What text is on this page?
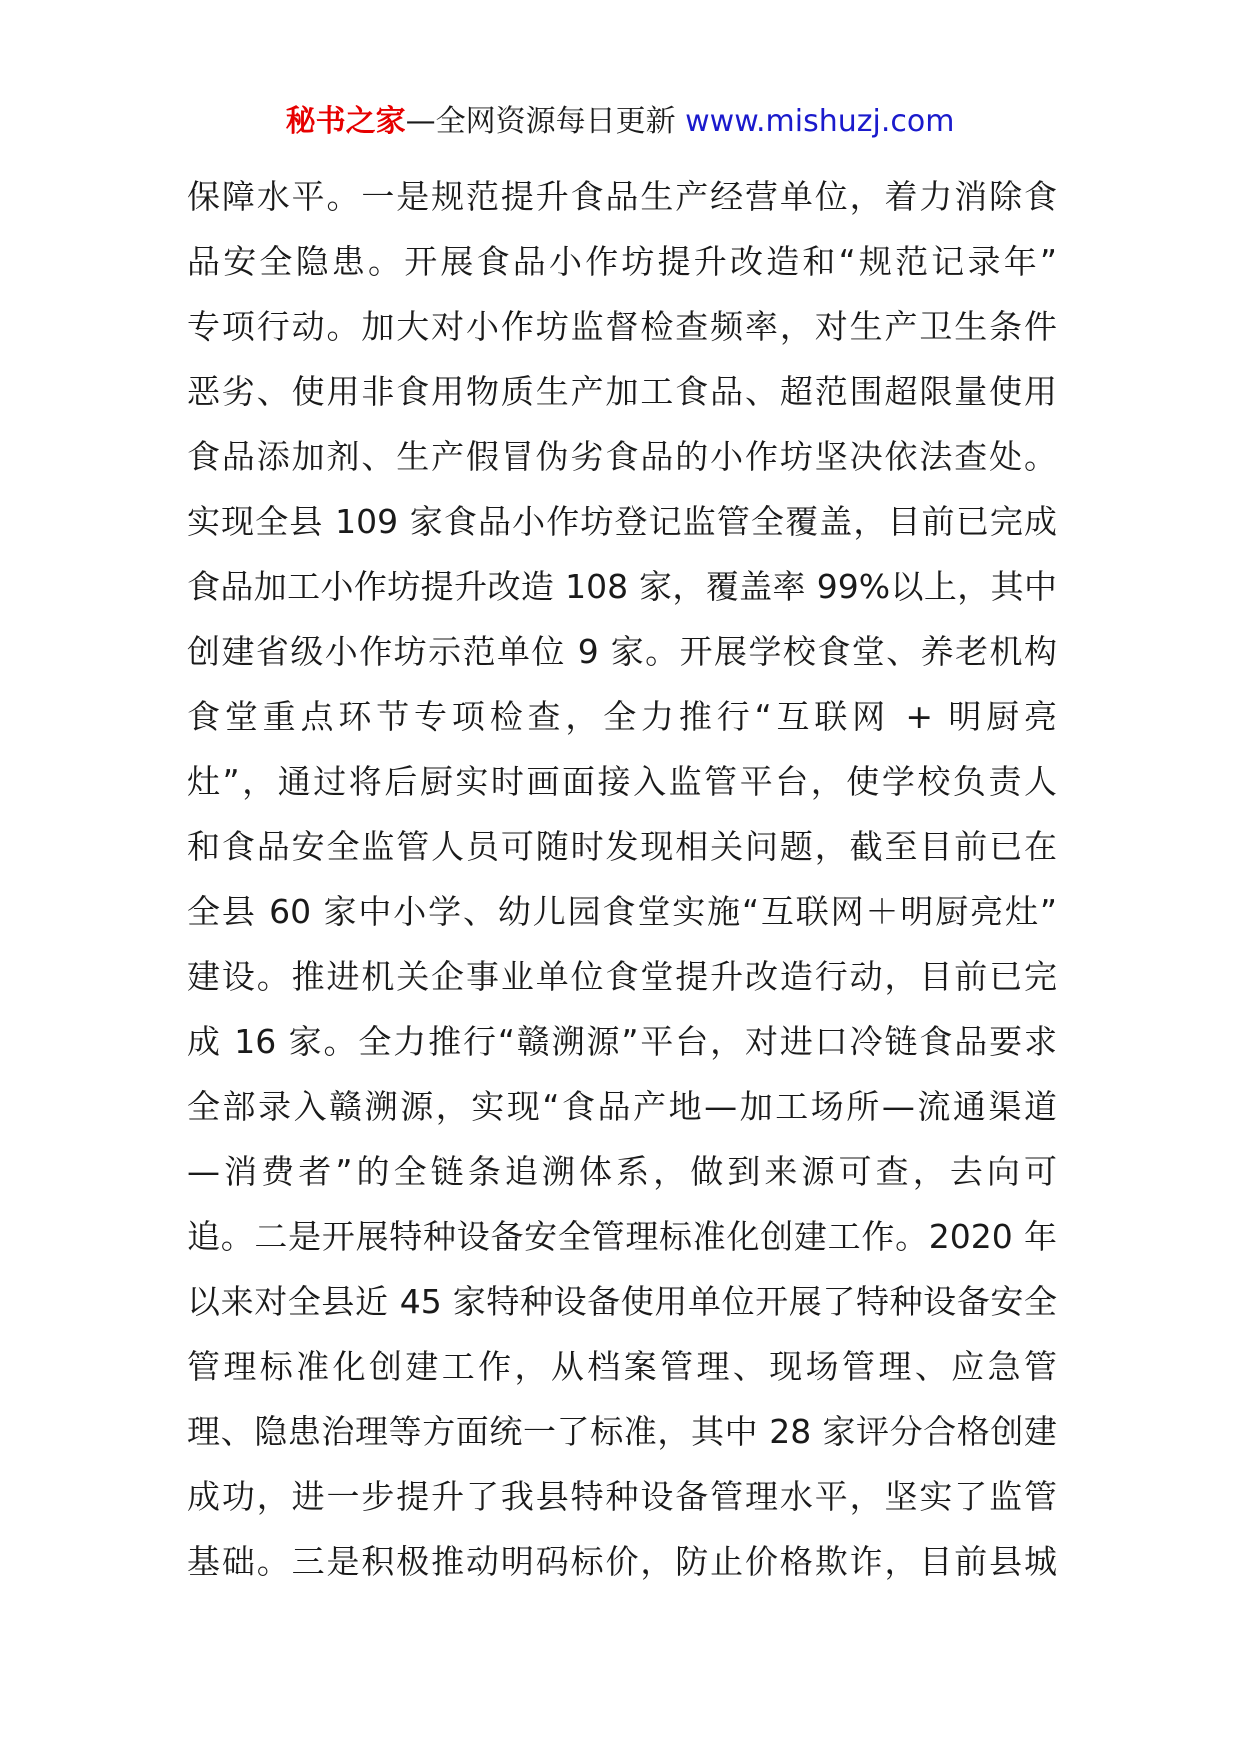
秘书之家—全网资源每日更新 www.mishuzj.com
保障水平。一是规范提升食品生产经营单位，着力消除食
品安全隐患。开展食品小作坊提升改造和“规范记录年”
专项行动。加大对小作坊监督检查频率，对生产卫生条件
恶劣、使用非食用物质生产加工食品、超范围超限量使用
食品添加剂、生产假冒伪劣食品的小作坊坚决依法查处。
实现全县 109 家食品小作坊登记监管全覆盖，目前已完成
食品加工小作坊提升改造 108 家，覆盖率 99%以上，其中
创建省级小作坊示范单位 9 家。开展学校食堂、养老机构
食堂重点环节专项检查，全力推行“互联网 + 明厨亮
灶”，通过将后厨实时画面接入监管平台，使学校负责人
和食品安全监管人员可随时发现相关问题，截至目前已在
全县 60 家中小学、幼儿园食堂实施“互联网＋明厨亮灶”
建设。推进机关企事业单位食堂提升改造行动，目前已完
成 16 家。全力推行“赣溯源”平台，对进口冷链食品要求
全部录入赣溯源，实现“食品产地—加工场所—流通渠道
—消费者”的全链条追溯体系，做到来源可查，去向可
追。二是开展特种设备安全管理标准化创建工作。2020 年
以来对全县近 45 家特种设备使用单位开展了特种设备安全
管理标准化创建工作，从档案管理、现场管理、应急管
理、隐患治理等方面统一了标准，其中 28 家评分合格创建
成功，进一步提升了我县特种设备管理水平，坚实了监管
基础。三是积极推动明码标价，防止价格欺诈，目前县城
